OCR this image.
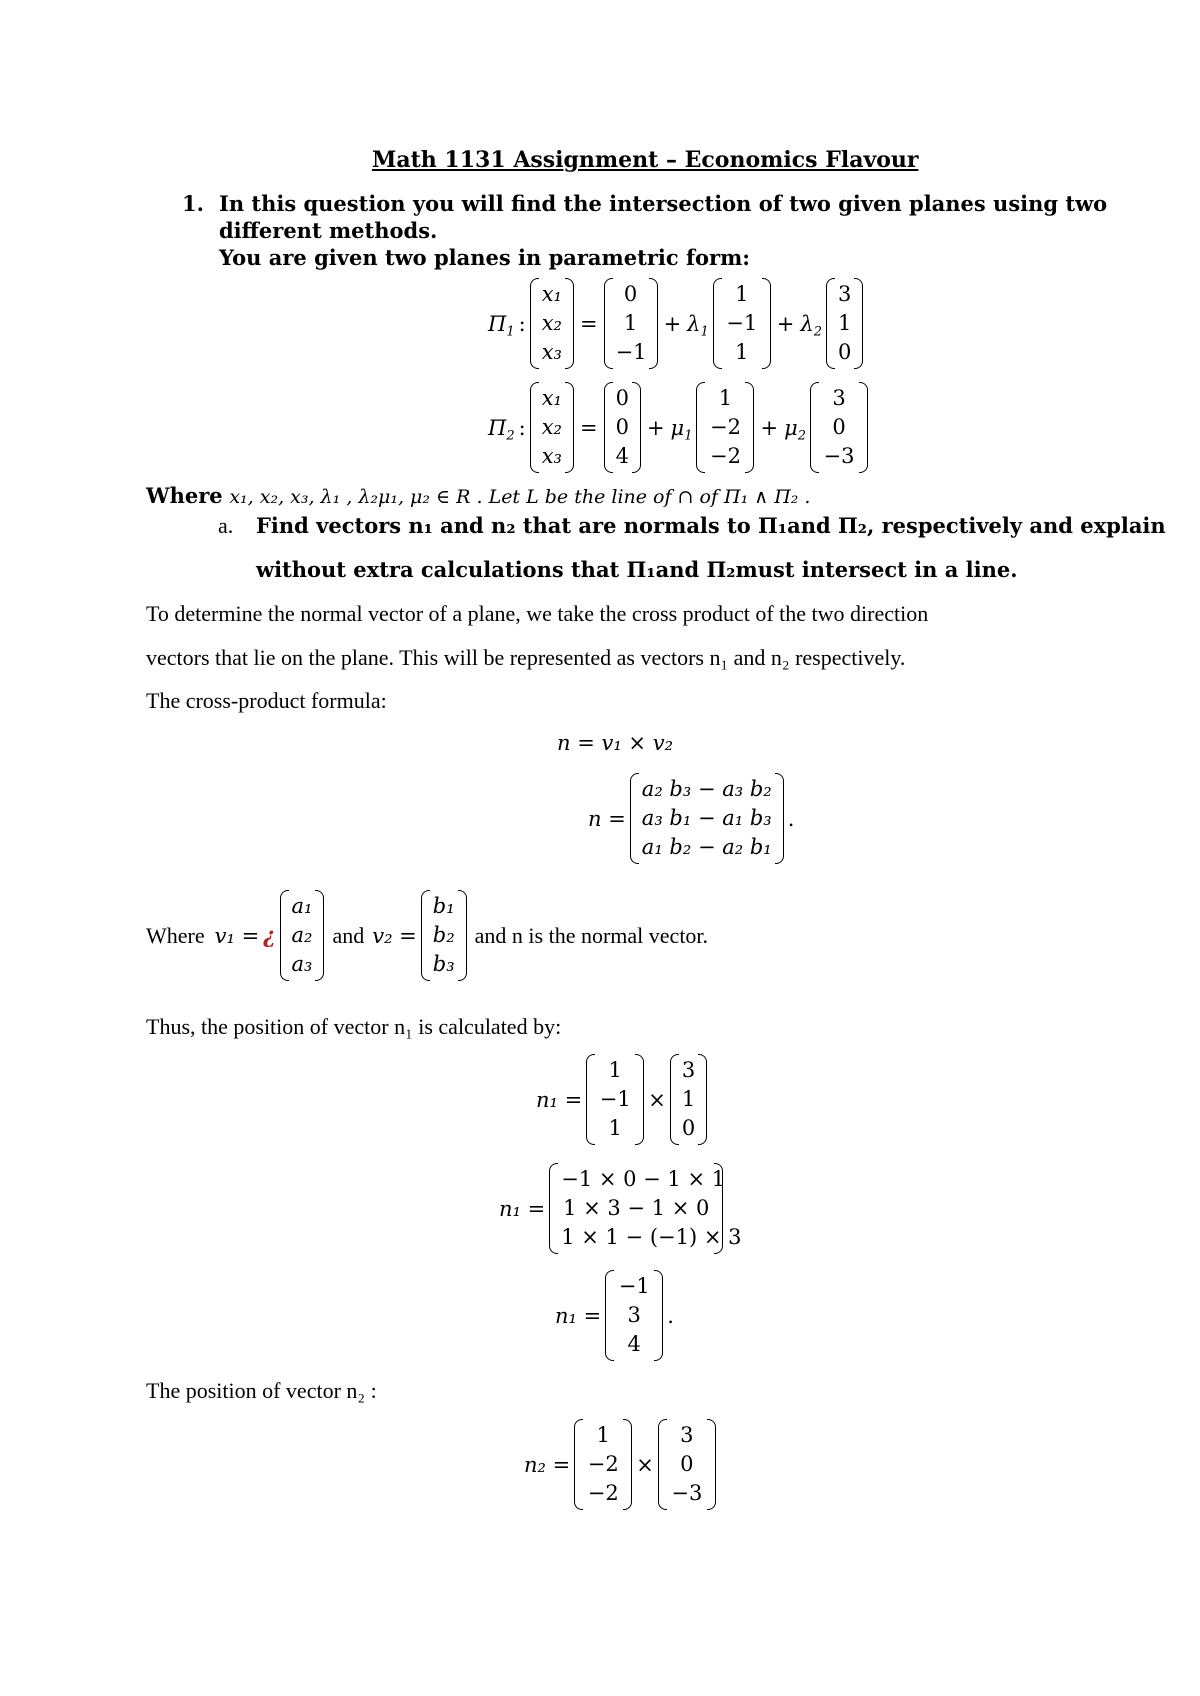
Math 1131 Assignment – Economics Flavour
1. In this question you will find the intersection of two given planes using two
different methods.
You are given two planes in parametric form:
$\Pi_1$ :
x₁
x₂
x₃
=
0
1
−1
+ $\lambda_1$
1
−1
1
+ $\lambda_2$
3
1
0
$\Pi_2$ :
x₁
x₂
x₃
=
0
0
4
+ $\mu_1$
1
−2
−2
+ $\mu_2$
3
0
−3
Where x₁, x₂, x₃, λ₁ , λ₂μ₁, μ₂ ∈ R . Let L be the line of ∩ of Π₁ ∧ Π₂ .
a. Find vectors n₁ and n₂ that are normals to Π₁and Π₂, respectively and explain
without extra calculations that Π₁and Π₂must intersect in a line.
To determine the normal vector of a plane, we take the cross product of the two direction
vectors that lie on the plane. This will be represented as vectors n₁ and n₂ respectively.
The cross-product formula:
n = v₁ × v₂
n =
a₂ b₃ − a₃ b₂
a₃ b₁ − a₁ b₃
a₁ b₂ − a₂ b₁
.
Where v₁ = ¿
a₁
a₂
a₃
and v₂ =
b₁
b₂
b₃
and n is the normal vector.
Thus, the position of vector n₁ is calculated by:
n₁ =
1
−1
1
×
3
1
0
n₁ =
−1 × 0 − 1 × 1
1 × 3 − 1 × 0
1 × 1 − (−1) × 3
n₁ =
−1
3
4
.
The position of vector n₂ :
n₂ =
1
−2
−2
×
3
0
−3
